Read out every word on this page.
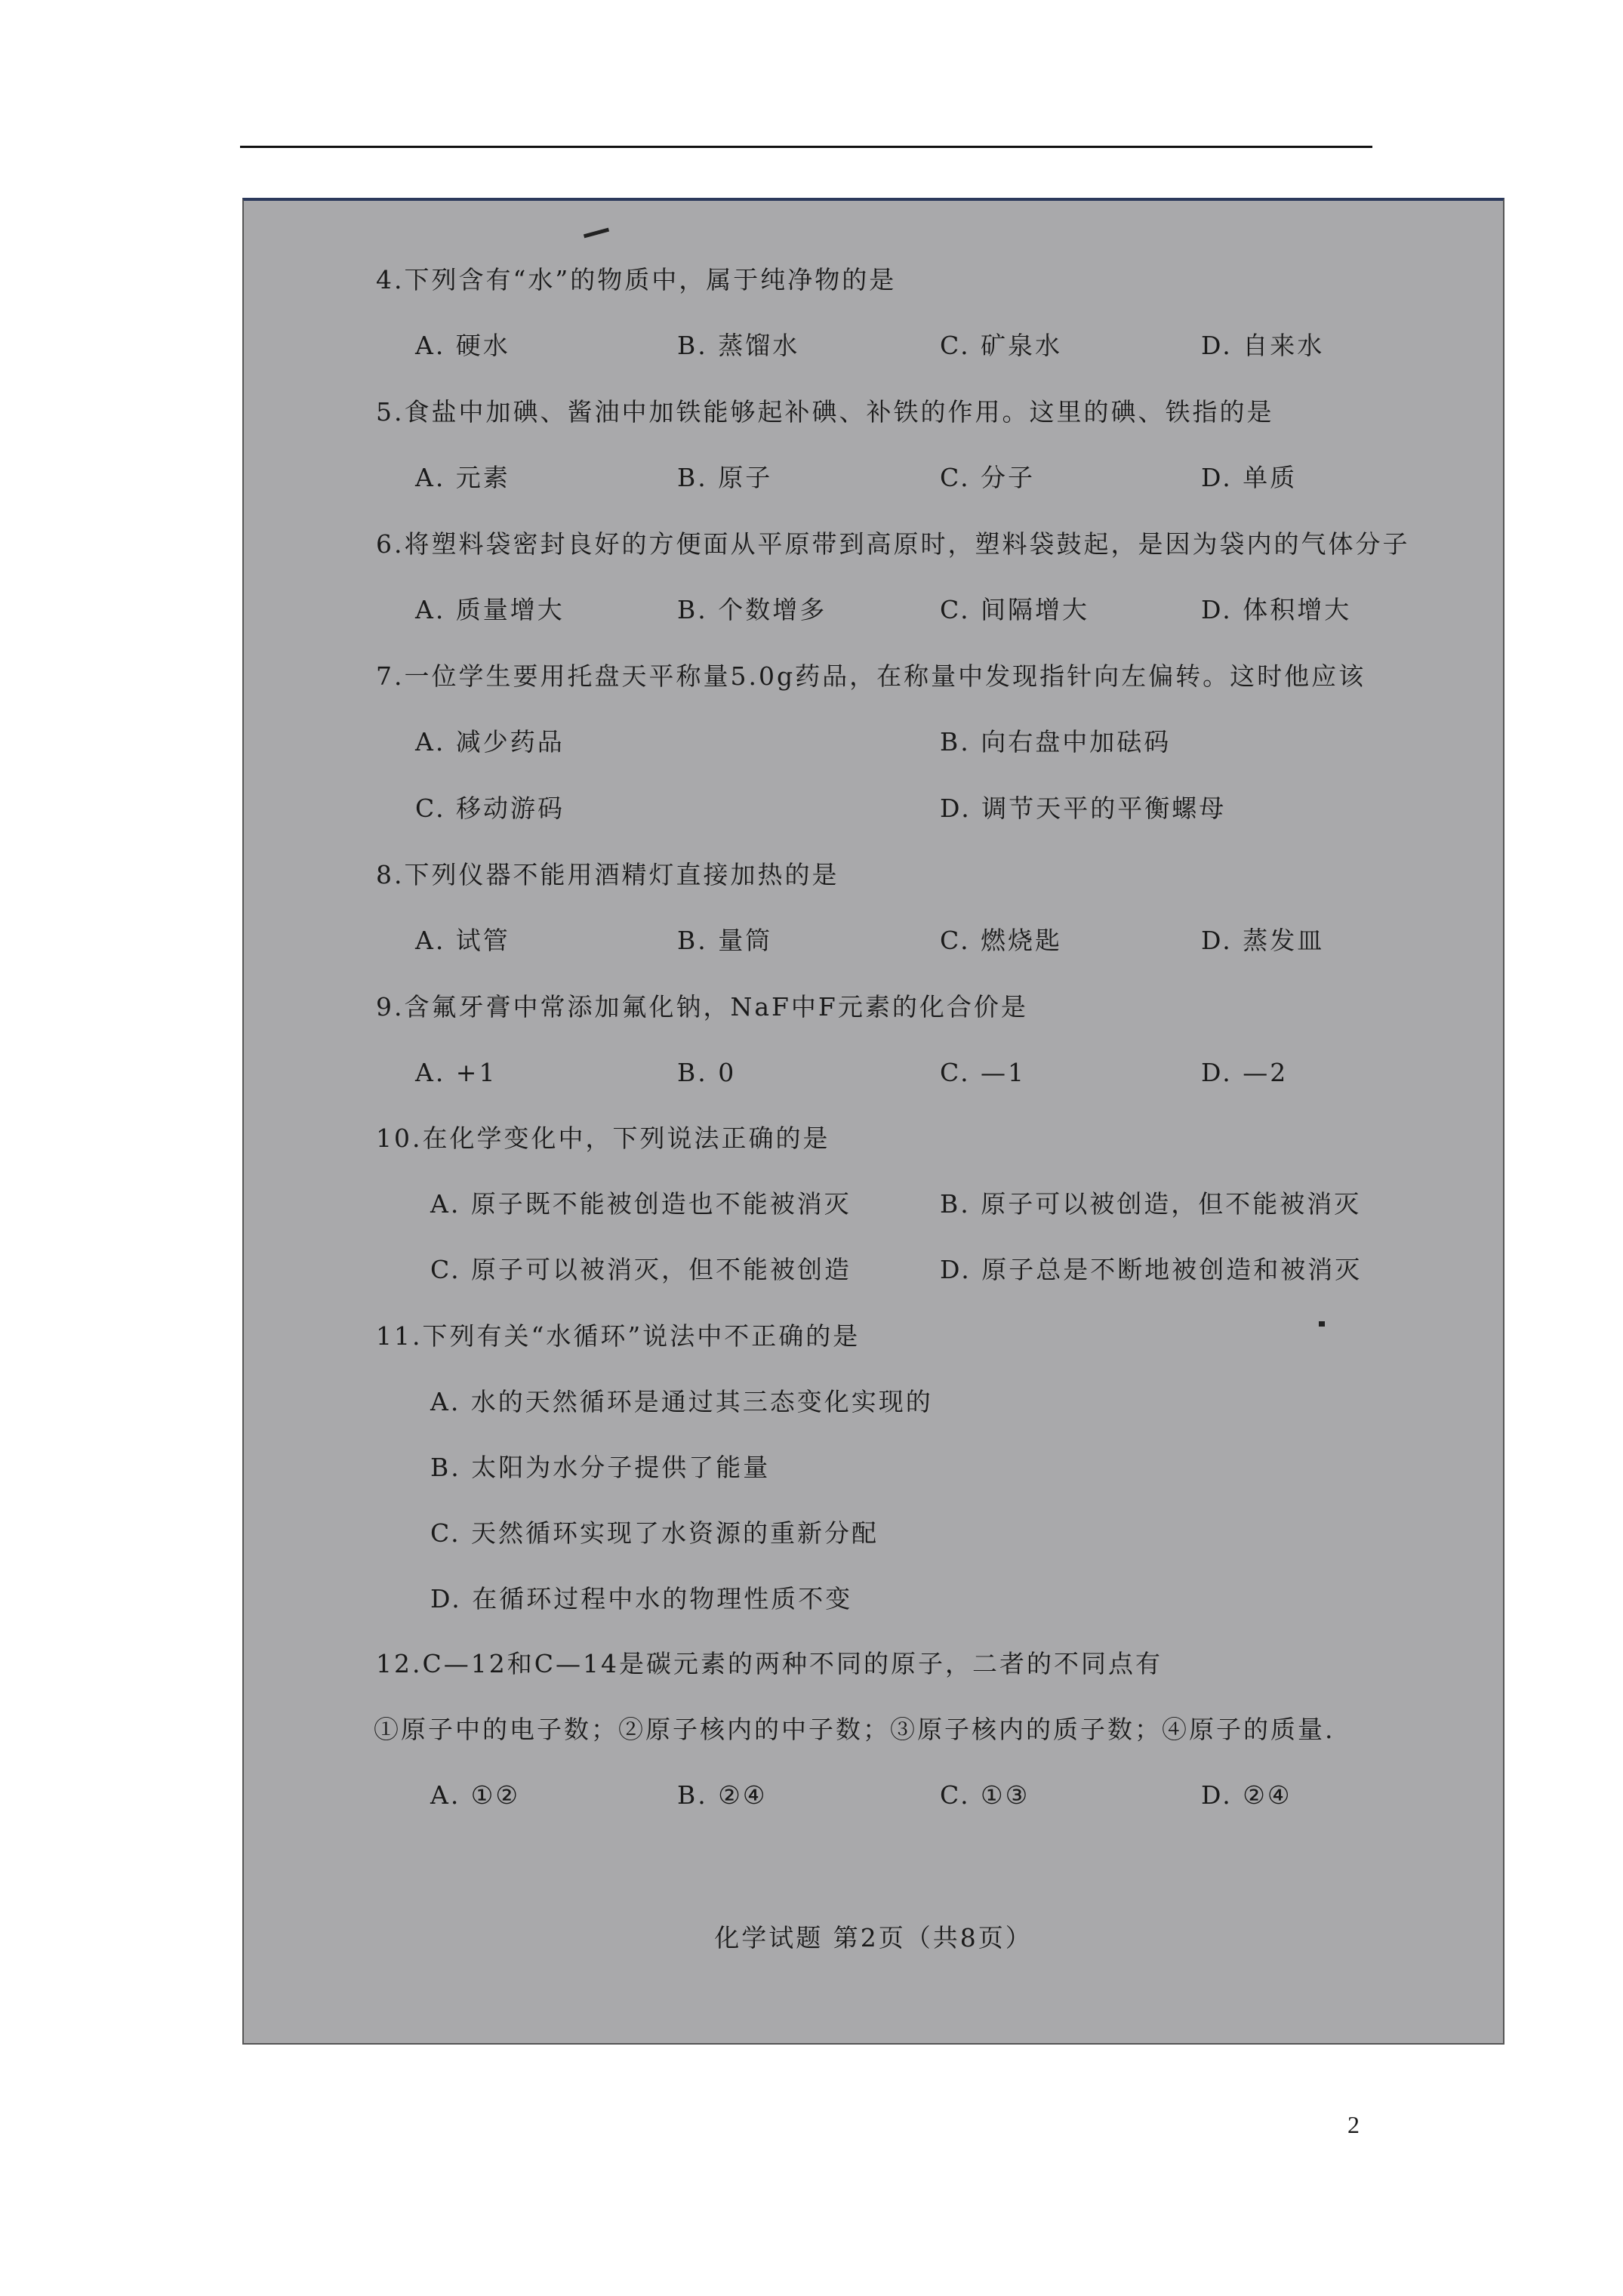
4.下列含有“水”的物质中，属于纯净物的是
A. 硬水	B. 蒸馏水	C. 矿泉水	D. 自来水
5.食盐中加碘、酱油中加铁能够起补碘、补铁的作用。这里的碘、铁指的是
A. 元素	B. 原子	C. 分子	D. 单质
6.将塑料袋密封良好的方便面从平原带到高原时，塑料袋鼓起，是因为袋内的气体分子
A. 质量增大	B. 个数增多	C. 间隔增大	D. 体积增大
7.一位学生要用托盘天平称量5.0g药品，在称量中发现指针向左偏转。这时他应该
A. 减少药品	B. 向右盘中加砝码
C. 移动游码	D. 调节天平的平衡螺母
8.下列仪器不能用酒精灯直接加热的是
A. 试管	B. 量筒	C. 燃烧匙	D. 蒸发皿
9.含氟牙膏中常添加氟化钠，NaF中F元素的化合价是
A. +1	B. 0	C. —1	D. —2
10.在化学变化中，下列说法正确的是
A. 原子既不能被创造也不能被消灭	B. 原子可以被创造，但不能被消灭
C. 原子可以被消灭，但不能被创造	D. 原子总是不断地被创造和被消灭
11.下列有关“水循环”说法中不正确的是
A. 水的天然循环是通过其三态变化实现的
B. 太阳为水分子提供了能量
C. 天然循环实现了水资源的重新分配
D. 在循环过程中水的物理性质不变
12.C—12和C—14是碳元素的两种不同的原子，二者的不同点有
①原子中的电子数；②原子核内的中子数；③原子核内的质子数；④原子的质量.
A. ①②	B. ②④	C. ①③	D. ②④
化学试题 第2页（共8页）
2
